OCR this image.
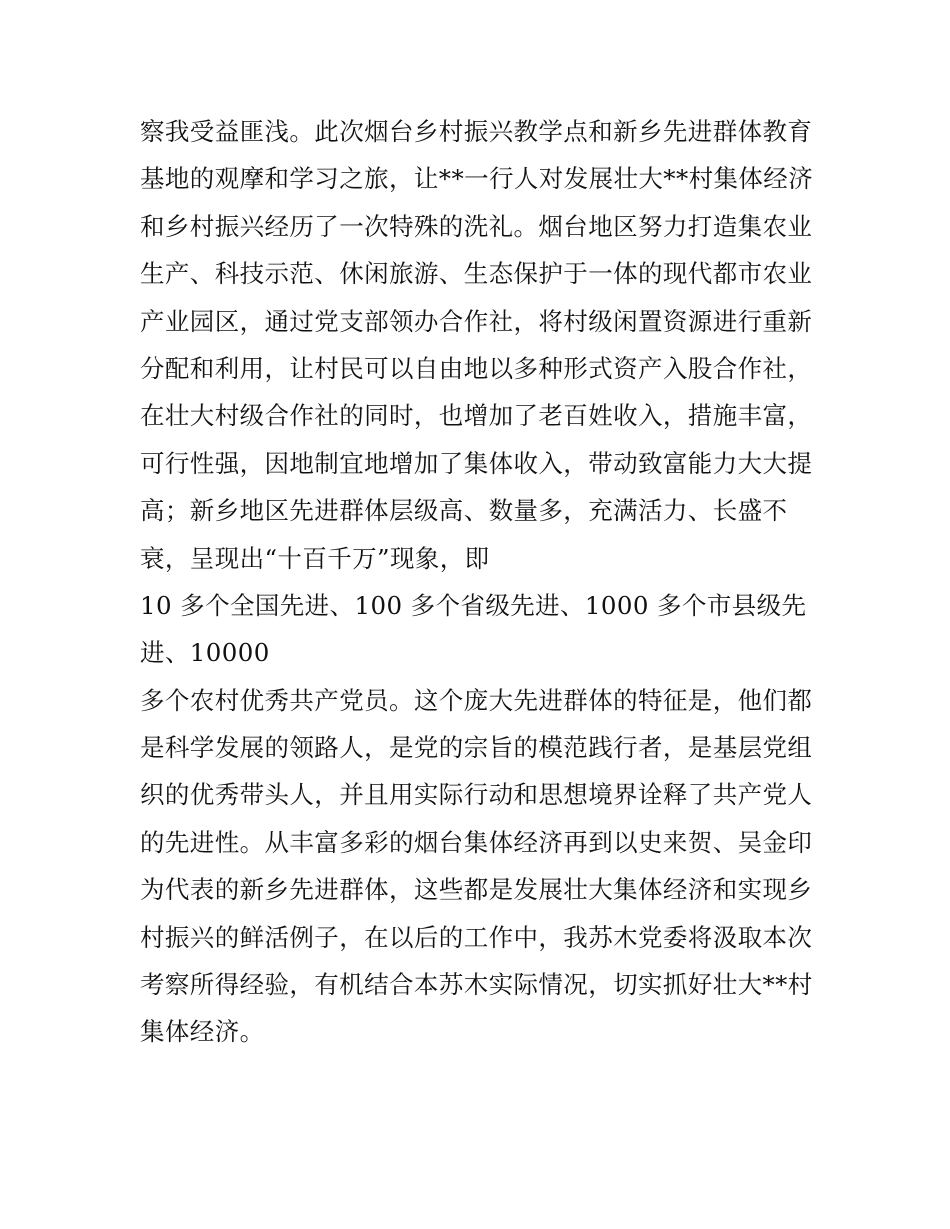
察我受益匪浅。此次烟台乡村振兴教学点和新乡先进群体教育
基地的观摩和学习之旅，让**一行人对发展壮大**村集体经济
和乡村振兴经历了一次特殊的洗礼。烟台地区努力打造集农业
生产、科技示范、休闲旅游、生态保护于一体的现代都市农业
产业园区，通过党支部领办合作社，将村级闲置资源进行重新
分配和利用，让村民可以自由地以多种形式资产入股合作社，
在壮大村级合作社的同时，也增加了老百姓收入，措施丰富，
可行性强，因地制宜地增加了集体收入，带动致富能力大大提
高；新乡地区先进群体层级高、数量多，充满活力、长盛不
衰，呈现出“十百千万”现象，即
10 多个全国先进、100 多个省级先进、1000 多个市县级先
进、10000
多个农村优秀共产党员。这个庞大先进群体的特征是，他们都
是科学发展的领路人，是党的宗旨的模范践行者，是基层党组
织的优秀带头人，并且用实际行动和思想境界诠释了共产党人
的先进性。从丰富多彩的烟台集体经济再到以史来贺、吴金印
为代表的新乡先进群体，这些都是发展壮大集体经济和实现乡
村振兴的鲜活例子，在以后的工作中，我苏木党委将汲取本次
考察所得经验，有机结合本苏木实际情况，切实抓好壮大**村
集体经济。
